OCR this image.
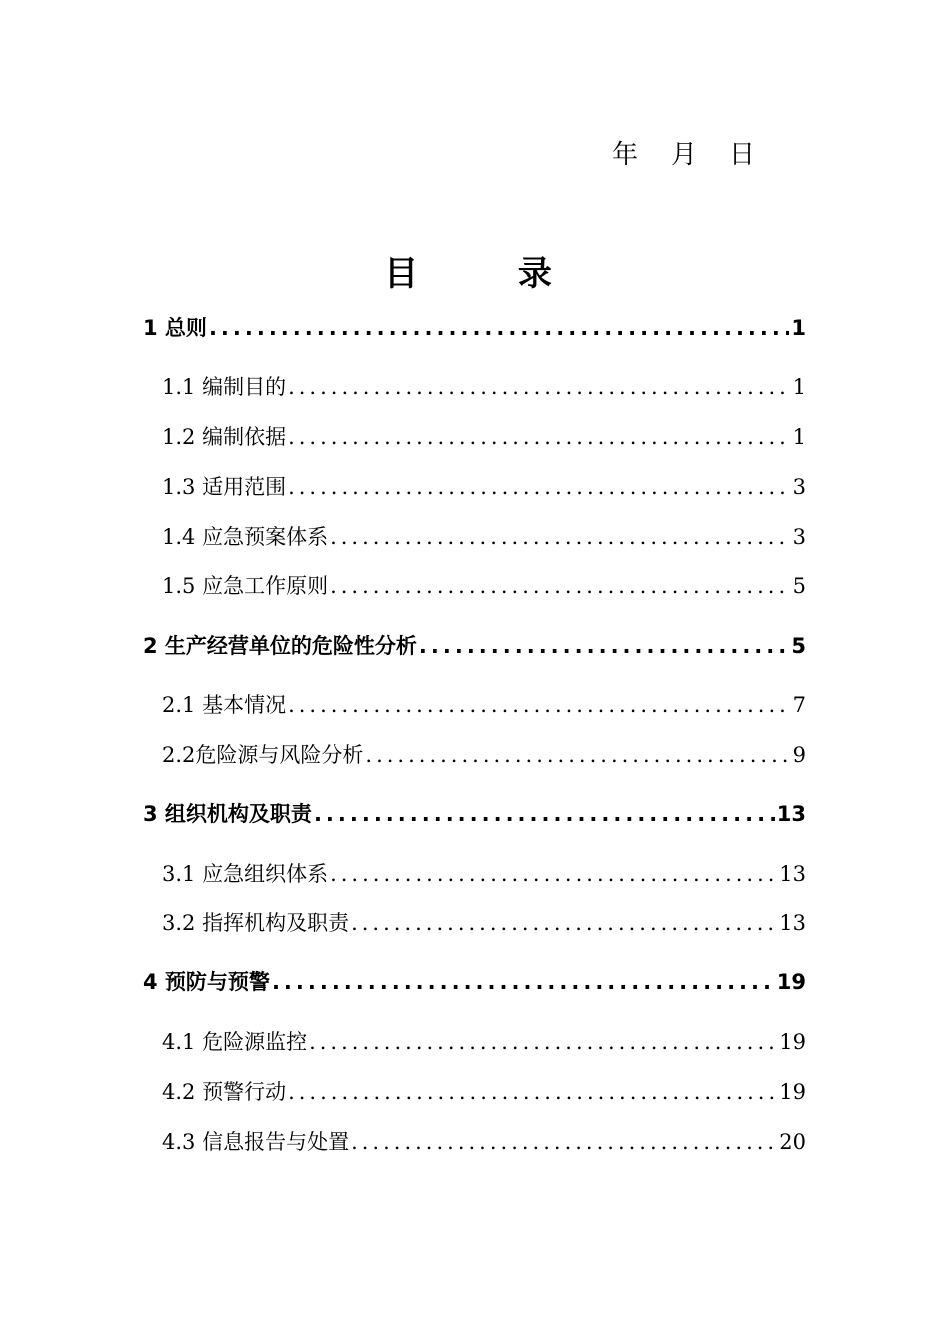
年	月	日
目 录
1 总则 .....	1
1.1 编制目的 .....	1
1.2 编制依据 .....	1
1.3 适用范围 .....	3
1.4 应急预案体系 .....	3
1.5 应急工作原则 .....	5
2 生产经营单位的危险性分析 .....	5
2.1 基本情况 .....	7
2.2危险源与风险分析 .....	9
3 组织机构及职责 .....	13
3.1 应急组织体系 .....	13
3.2 指挥机构及职责 .....	13
4 预防与预警 .....	19
4.1 危险源监控 .....	19
4.2 预警行动 .....	19
4.3 信息报告与处置 .....	20
